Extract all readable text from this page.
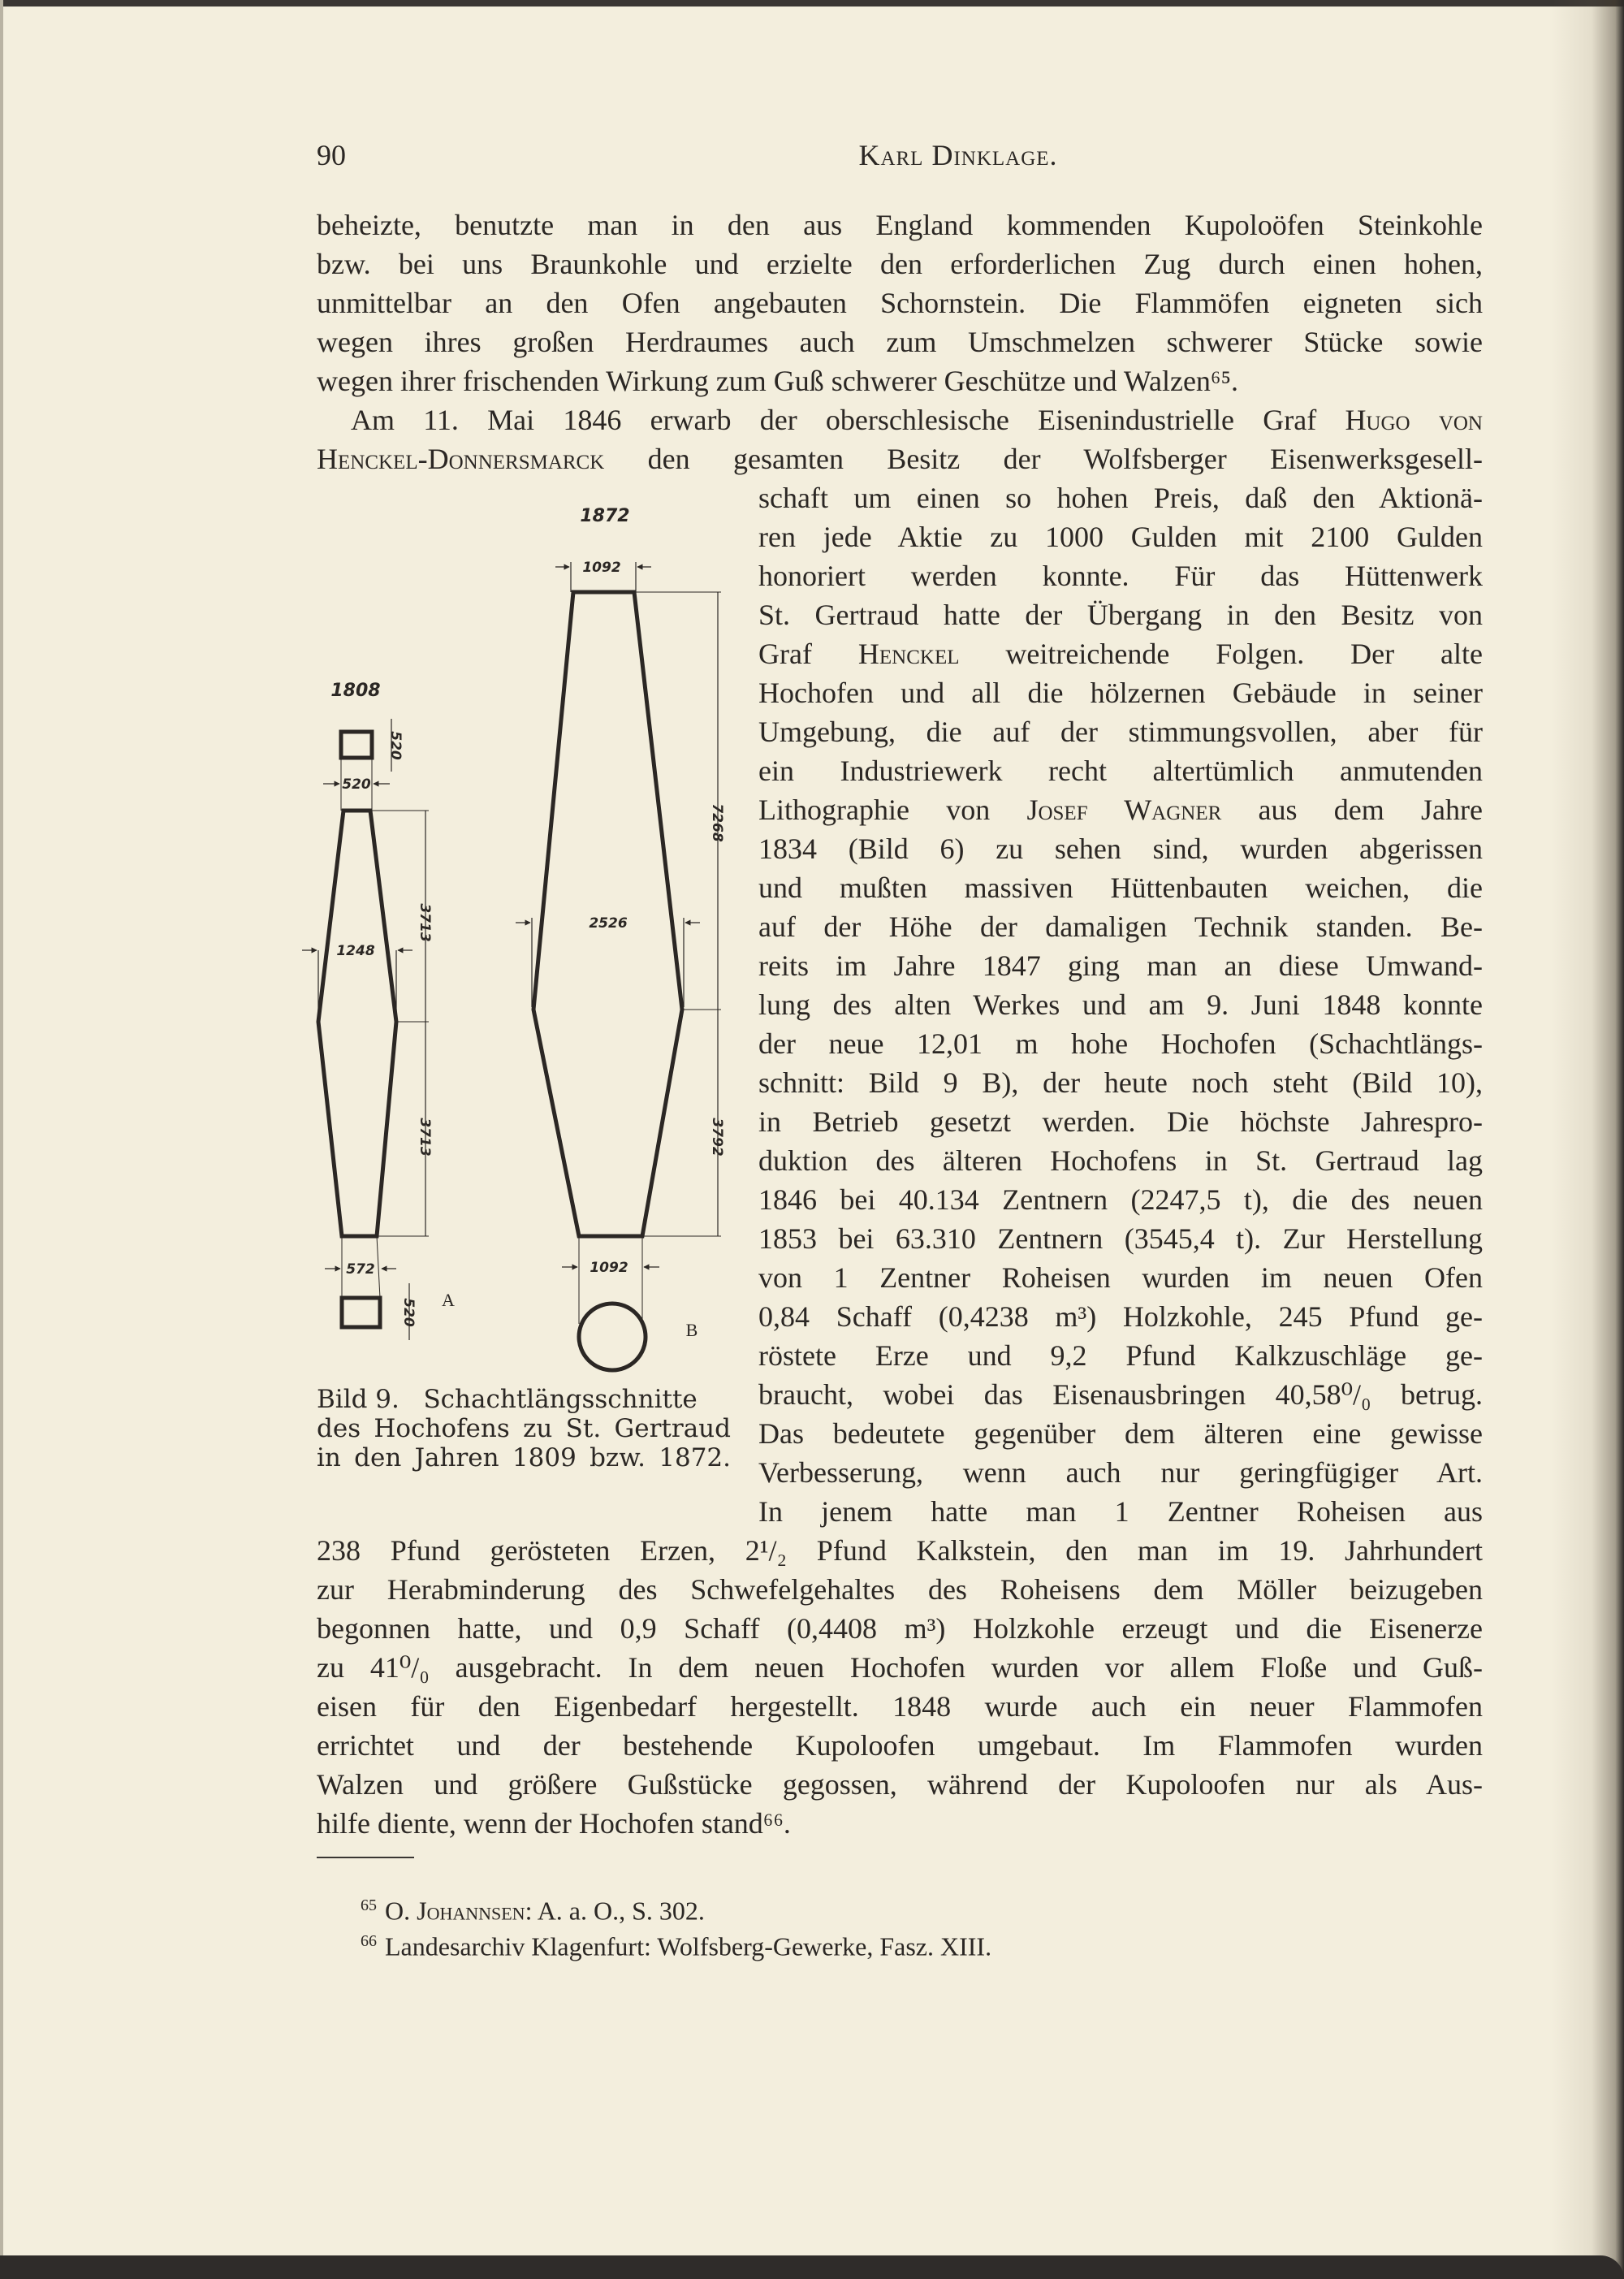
90	Karl Dinklage.
beheizte, benutzte man in den aus England kommenden Kupoloöfen Steinkohle
bzw. bei uns Braunkohle und erzielte den erforderlichen Zug durch einen hohen,
unmittelbar an den Ofen angebauten Schornstein. Die Flammöfen eigneten sich
wegen ihres großen Herdraumes auch zum Umschmelzen schwerer Stücke sowie
wegen ihrer frischenden Wirkung zum Guß schwerer Geschütze und Walzen⁶⁵.
Am 11. Mai 1846 erwarb der oberschlesische Eisenindustrielle Graf Hugo von
Henckel-Donnersmarck den gesamten Besitz der Wolfsberger Eisenwerksgesell-
schaft um einen so hohen Preis, daß den Aktionä-
ren jede Aktie zu 1000 Gulden mit 2100 Gulden
honoriert werden konnte. Für das Hüttenwerk
St. Gertraud hatte der Übergang in den Besitz von
Graf Henckel weitreichende Folgen. Der alte
Hochofen und all die hölzernen Gebäude in seiner
Umgebung, die auf der stimmungsvollen, aber für
ein Industriewerk recht altertümlich anmutenden
Lithographie von Josef Wagner aus dem Jahre
1834 (Bild 6) zu sehen sind, wurden abgerissen
und mußten massiven Hüttenbauten weichen, die
auf der Höhe der damaligen Technik standen. Be-
reits im Jahre 1847 ging man an diese Umwand-
lung des alten Werkes und am 9. Juni 1848 konnte
der neue 12,01 m hohe Hochofen (Schachtlängs-
schnitt: Bild 9 B), der heute noch steht (Bild 10),
in Betrieb gesetzt werden. Die höchste Jahrespro-
duktion des älteren Hochofens in St. Gertraud lag
1846 bei 40.134 Zentnern (2247,5 t), die des neuen
1853 bei 63.310 Zentnern (3545,4 t). Zur Herstellung
von 1 Zentner Roheisen wurden im neuen Ofen
0,84 Schaff (0,4238 m³) Holzkohle, 245 Pfund ge-
röstete Erze und 9,2 Pfund Kalkzuschläge ge-
braucht, wobei das Eisenausbringen 40,58⁰/₀ betrug.
Das bedeutete gegenüber dem älteren eine gewisse
Verbesserung, wenn auch nur geringfügiger Art.
In jenem hatte man 1 Zentner Roheisen aus
238 Pfund gerösteten Erzen, 2¹/₂ Pfund Kalkstein, den man im 19. Jahrhundert
zur Herabminderung des Schwefelgehaltes des Roheisens dem Möller beizugeben
begonnen hatte, und 0,9 Schaff (0,4408 m³) Holzkohle erzeugt und die Eisenerze
zu 41⁰/₀ ausgebracht. In dem neuen Hochofen wurden vor allem Floße und Guß-
eisen für den Eigenbedarf hergestellt. 1848 wurde auch ein neuer Flammofen
errichtet und der bestehende Kupoloofen umgebaut. Im Flammofen wurden
Walzen und größere Gußstücke gegossen, während der Kupoloofen nur als Aus-
hilfe diente, wenn der Hochofen stand⁶⁶.
1808
520
520
1248
3713
3713
572
520 A
1872
1092
2526
7268
3792
1092
B
Bild 9.   Schachtlängsschnitte
des Hochofens zu St. Gertraud
in den Jahren 1809 bzw. 1872.
$^{65}$ O. Johannsen: A. a. O., S. 302.
$^{66}$ Landesarchiv Klagenfurt: Wolfsberg-Gewerke, Fasz. XIII.
